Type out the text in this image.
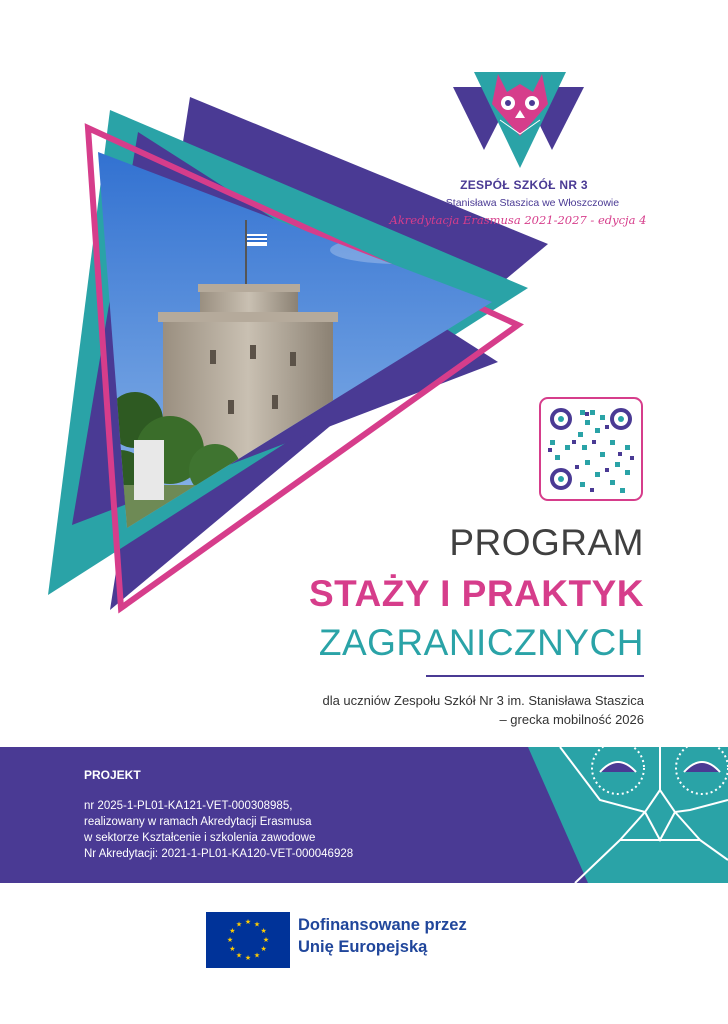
★ ★
★
★
★
★
★
★
★
★
★
★
ZESPÓŁ SZKÓŁ NR 3
im. Stanisława Staszica we Włoszczowie
Akredytacja Erasmusa 2021-2027 - edycja 4
PROGRAM
STAŻY I PRAKTYK
ZAGRANICZNYCH
dla uczniów Zespołu Szkół Nr 3 im. Stanisława Staszica
– grecka mobilność 2026
PROJEKT
nr 2025-1-PL01-KA121-VET-000308985,
realizowany w ramach Akredytacji Erasmusa
w sektorze Kształcenie i szkolenia zawodowe
Nr Akredytacji: 2021-1-PL01-KA120-VET-000046928
Dofinansowane przez
Unię Europejską
